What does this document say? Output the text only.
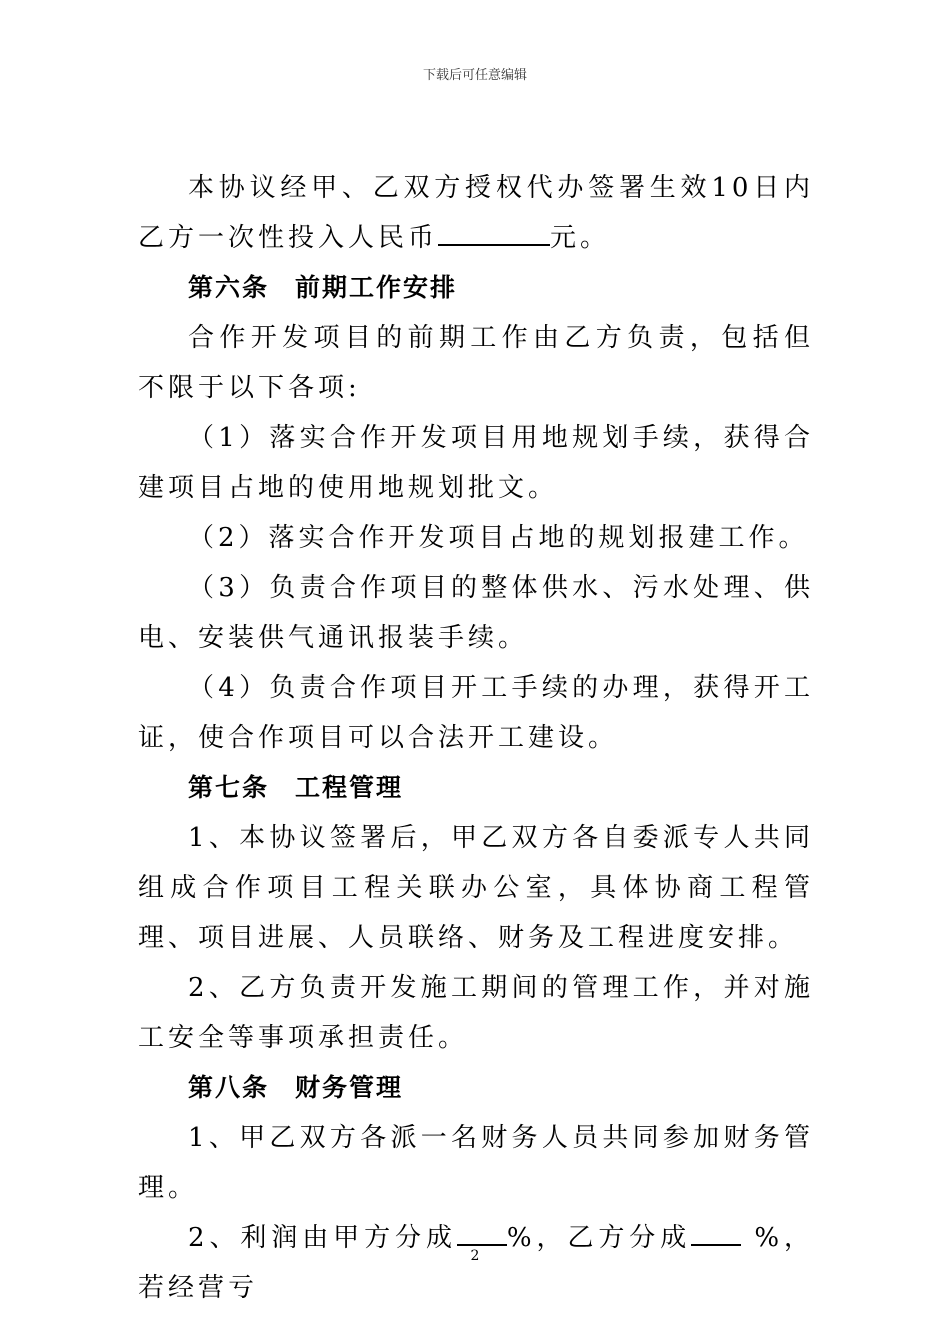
下载后可任意编辑

本协议经甲、乙双方授权代办签署生效10日内乙方一次性投入人民币	元。

第六条 前期工作安排

合作开发项目的前期工作由乙方负责，包括但不限于以下各项:

（1）落实合作开发项目用地规划手续，获得合建项目占地的使用地规划批文。

（2）落实合作开发项目占地的规划报建工作。

（3）负责合作项目的整体供水、污水处理、供电、安装供气通讯报装手续。

（4）负责合作项目开工手续的办理，获得开工证，使合作项目可以合法开工建设。

第七条 工程管理

1、本协议签署后，甲乙双方各自委派专人共同组成合作项目工程关联办公室，具体协商工程管理、项目进展、人员联络、财务及工程进度安排。

2、乙方负责开发施工期间的管理工作，并对施工安全等事项承担责任。

第八条 财务管理

1、甲乙双方各派一名财务人员共同参加财务管理。

2、利润由甲方分成 %，乙方分成 %，若经营亏

2
